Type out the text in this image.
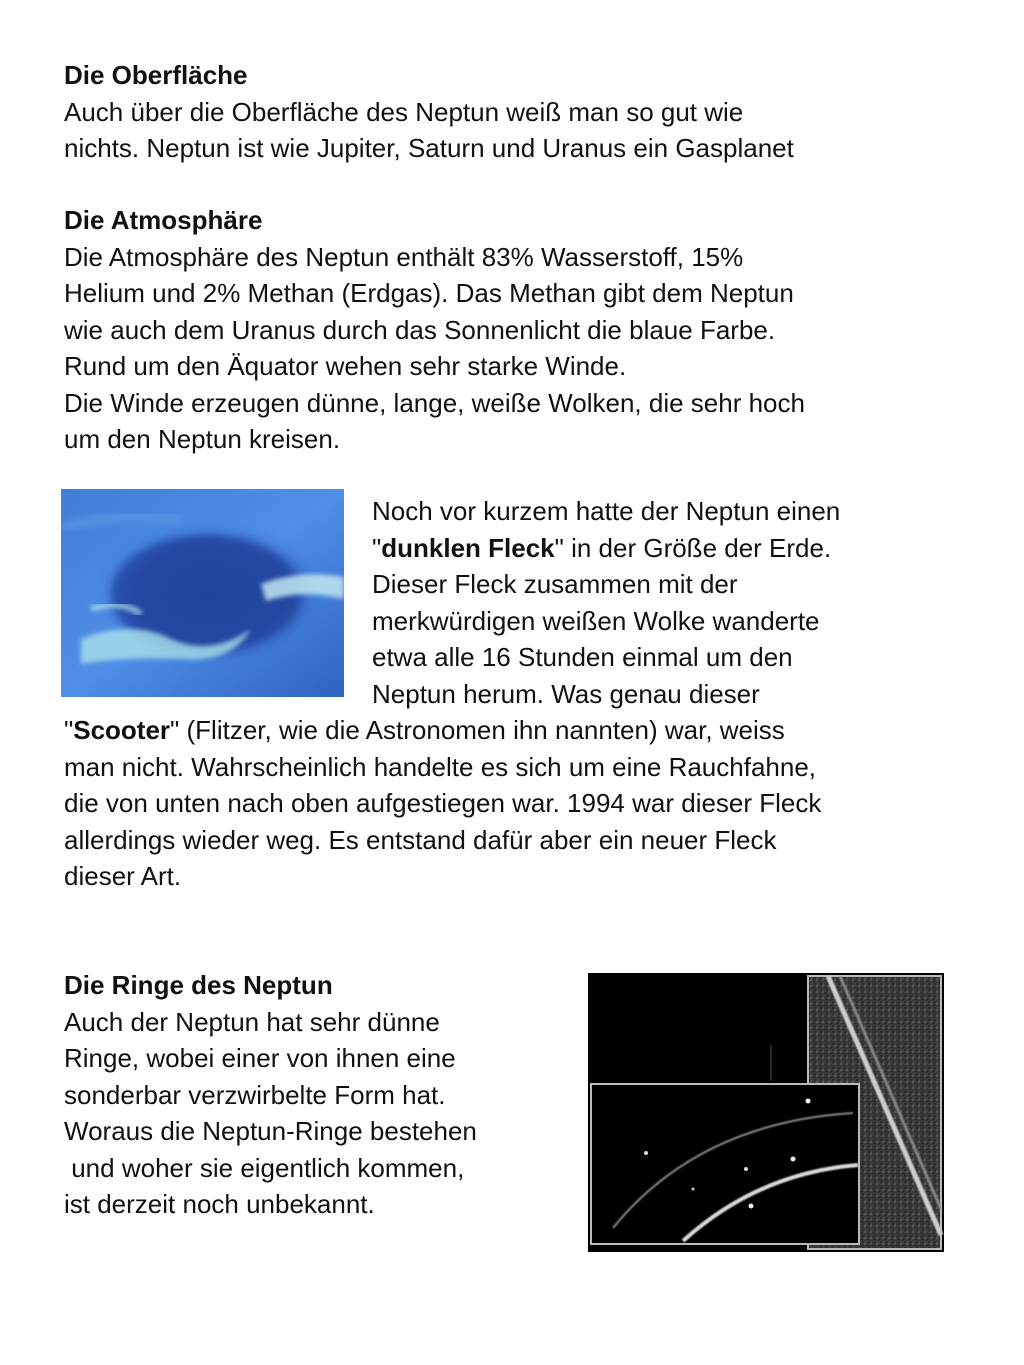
Die Oberfläche

Auch über die Oberfläche des Neptun weiß man so gut wie

nichts. Neptun ist wie Jupiter, Saturn und Uranus ein Gasplanet

Die Atmosphäre

Die Atmosphäre des Neptun enthält 83% Wasserstoff, 15%

Helium und 2% Methan (Erdgas). Das Methan gibt dem Neptun

wie auch dem Uranus durch das Sonnenlicht die blaue Farbe.

Rund um den Äquator wehen sehr starke Winde.

Die Winde erzeugen dünne, lange, weiße Wolken, die sehr hoch

um den Neptun kreisen.

Noch vor kurzem hatte der Neptun einen

"dunklen Fleck" in der Größe der Erde.

Dieser Fleck zusammen mit der

merkwürdigen weißen Wolke wanderte

etwa alle 16 Stunden einmal um den

Neptun herum. Was genau dieser

"Scooter" (Flitzer, wie die Astronomen ihn nannten) war, weiss

man nicht. Wahrscheinlich handelte es sich um eine Rauchfahne,

die von unten nach oben aufgestiegen war. 1994 war dieser Fleck

allerdings wieder weg. Es entstand dafür aber ein neuer Fleck

dieser Art.

Die Ringe des Neptun

Auch der Neptun hat sehr dünne

Ringe, wobei einer von ihnen eine

sonderbar verzwirbelte Form hat.

Woraus die Neptun-Ringe bestehen

und woher sie eigentlich kommen,

ist derzeit noch unbekannt.
